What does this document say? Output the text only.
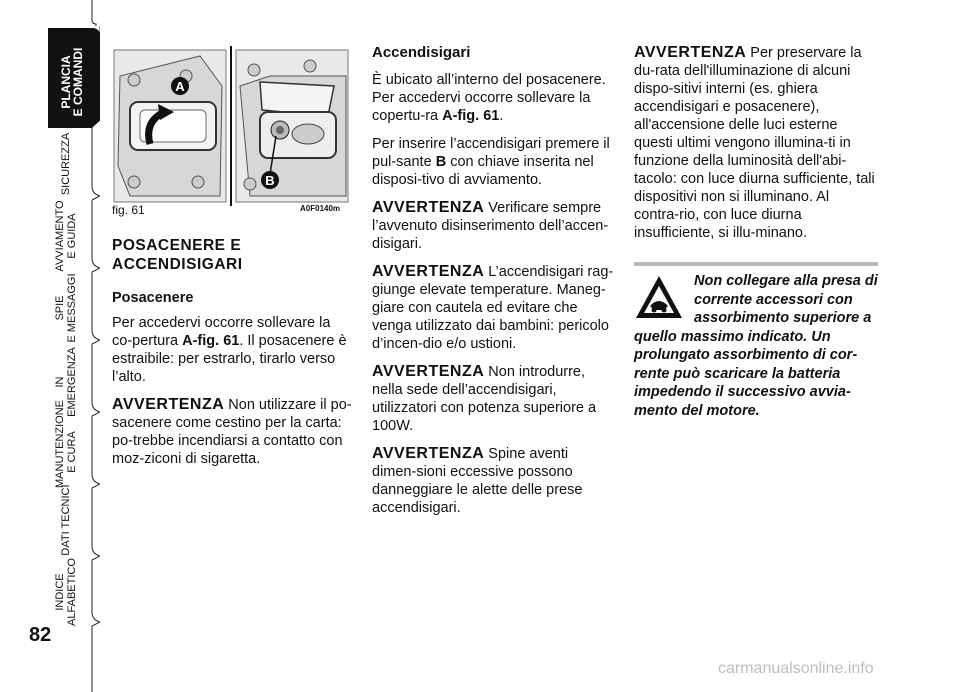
PLANCIA
E COMANDI
SICUREZZA
AVVIAMENTO
E GUIDA
SPIE
E MESSAGGI
IN EMERGENZA
MANUTENZIONE
E CURA
DATI TECNICI
INDICE
ALFABETICO
82
A
B
fig. 61	A0F0140m
POSACENERE E ACCENDISIGARI
Posacenere

Per accedervi occorre sollevare la co-pertura A-fig. 61. Il posacenere è estraibile: per estrarlo, tirarlo verso l’alto.

AVVERTENZA Non utilizzare il po-sacenere come cestino per la carta: po-trebbe incendiarsi a contatto con moz-ziconi di sigaretta.

Accendisigari

È ubicato all’interno del posacenere. Per accedervi occorre sollevare la copertu-ra A-fig. 61.

Per inserire l’accendisigari premere il pul-sante B con chiave inserita nel disposi-tivo di avviamento.

AVVERTENZA Verificare sempre l’avvenuto disinserimento dell’accen-disigari.

AVVERTENZA L’accendisigari rag-giunge elevate temperature. Maneg-giare con cautela ed evitare che venga utilizzato dai bambini: pericolo d’incen-dio e/o ustioni.

AVVERTENZA Non introdurre, nella sede dell’accendisigari, utilizzatori con potenza superiore a 100W.

AVVERTENZA Spine aventi dimen-sioni eccessive possono danneggiare le alette delle prese accendisigari.

AVVERTENZA Per preservare la du-rata dell'illuminazione di alcuni dispo-sitivi interni (es. ghiera accendisigari e posacenere), all'accensione delle luci esterne questi ultimi vengono illumina-ti in funzione della luminosità dell'abi-tacolo: con luce diurna sufficiente, tali dispositivi non si illuminano. Al contra-rio, con luce diurna insufficiente, si illu-minano.

Non collegare alla presa di corrente accessori con assorbimento superiore a quello massimo indicato. Un prolungato assorbimento di cor-rente può scaricare la batteria impedendo il successivo avvia-mento del motore.
carmanualsonline.info
